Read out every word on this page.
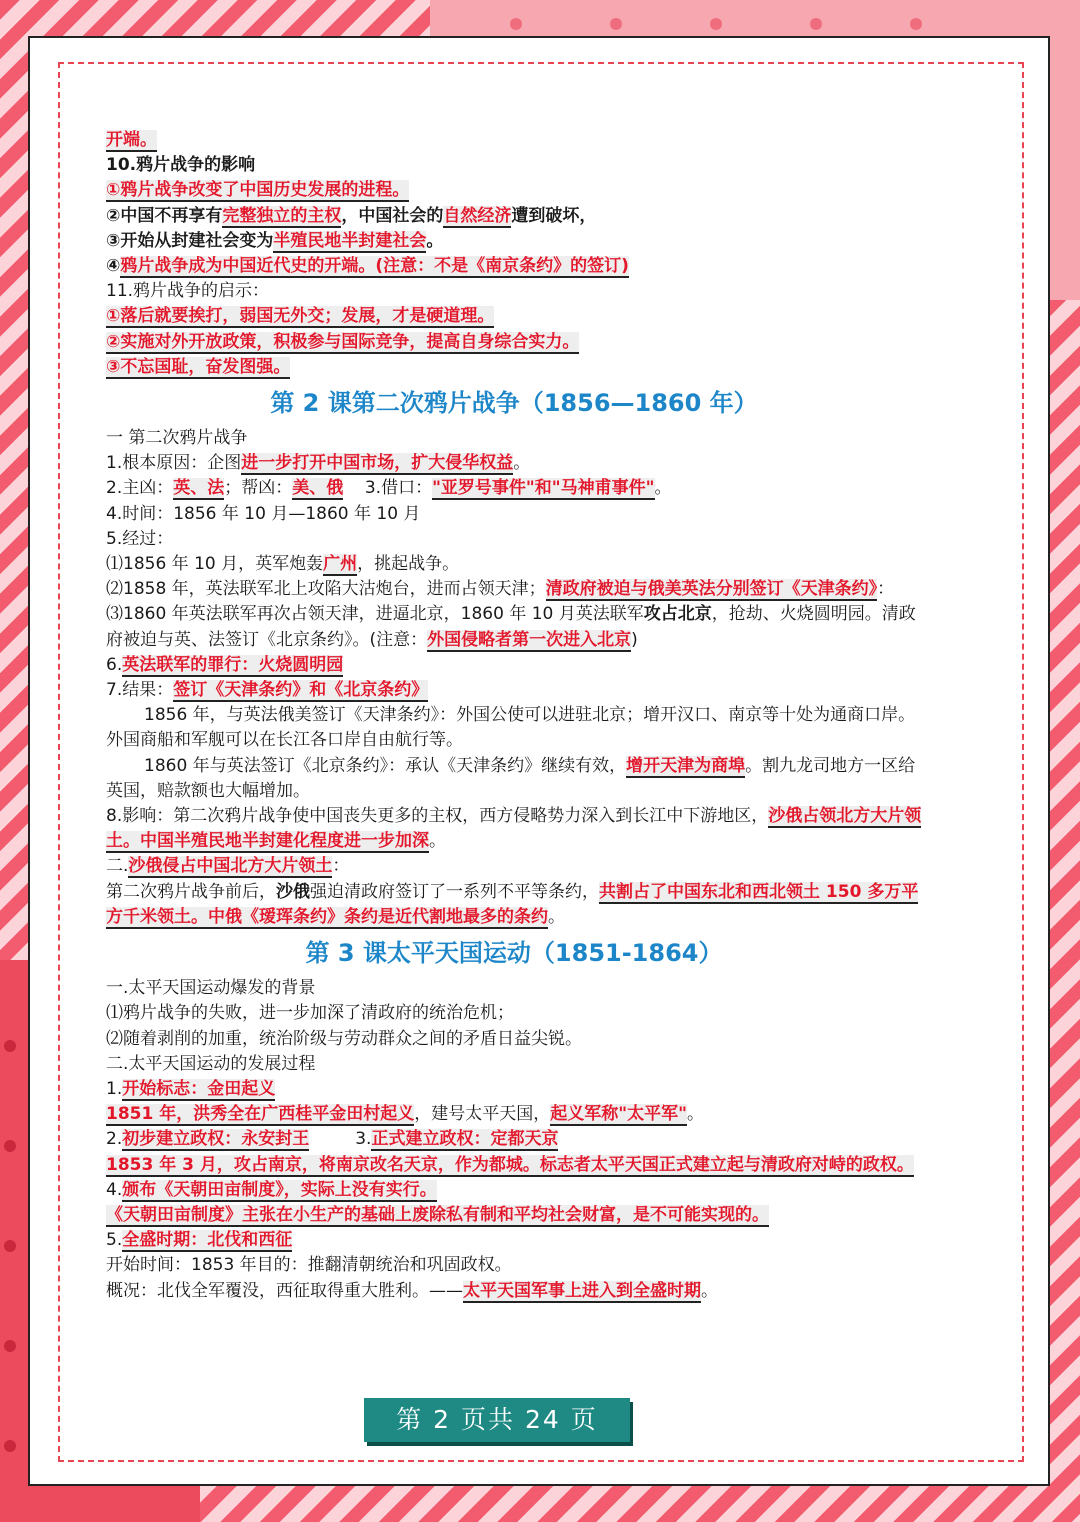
开端。

10.鸦片战争的影响

①鸦片战争改变了中国历史发展的进程。

②中国不再享有完整独立的主权，中国社会的自然经济遭到破坏，

③开始从封建社会变为半殖民地半封建社会。

④鸦片战争成为中国近代史的开端。(注意：不是《南京条约》的签订)

11.鸦片战争的启示：

①落后就要挨打，弱国无外交；发展，才是硬道理。

②实施对外开放政策，积极参与国际竞争，提高自身综合实力。

③不忘国耻，奋发图强。

第 2 课第二次鸦片战争（1856—1860 年）

一 第二次鸦片战争

1.根本原因：企图进一步打开中国市场，扩大侵华权益。

2.主凶：英、法；帮凶：美、俄    3.借口："亚罗号事件"和"马神甫事件"。

4.时间：1856 年 10 月—1860 年 10 月

5.经过：

⑴1856 年 10 月，英军炮轰广州，挑起战争。

⑵1858 年，英法联军北上攻陷大沽炮台，进而占领天津；清政府被迫与俄美英法分别签订《天津条约》：

⑶1860 年英法联军再次占领天津，进逼北京，1860 年 10 月英法联军攻占北京，抢劫、火烧圆明园。清政府被迫与英、法签订《北京条约》。(注意：外国侵略者第一次进入北京)

6.英法联军的罪行：火烧圆明园

7.结果：签订《天津条约》和《北京条约》

1856 年，与英法俄美签订《天津条约》：外国公使可以进驻北京；增开汉口、南京等十处为通商口岸。外国商船和军舰可以在长江各口岸自由航行等。

1860 年与英法签订《北京条约》：承认《天津条约》继续有效，增开天津为商埠。割九龙司地方一区给英国，赔款额也大幅增加。

8.影响：第二次鸦片战争使中国丧失更多的主权，西方侵略势力深入到长江中下游地区，沙俄占领北方大片领土。中国半殖民地半封建化程度进一步加深。

二.沙俄侵占中国北方大片领土：

第二次鸦片战争前后，沙俄强迫清政府签订了一系列不平等条约，共割占了中国东北和西北领土 150 多万平方千米领土。中俄《瑷珲条约》条约是近代割地最多的条约。

第 3 课太平天国运动（1851-1864）

一.太平天国运动爆发的背景

⑴鸦片战争的失败，进一步加深了清政府的统治危机；

⑵随着剥削的加重，统治阶级与劳动群众之间的矛盾日益尖锐。

二.太平天国运动的发展过程

1.开始标志：金田起义

1851 年，洪秀全在广西桂平金田村起义，建号太平天国，起义军称"太平军"。

2.初步建立政权：永安封王	3.正式建立政权：定都天京

1853 年 3 月，攻占南京，将南京改名天京，作为都城。标志者太平天国正式建立起与清政府对峙的政权。

4.颁布《天朝田亩制度》，实际上没有实行。

《天朝田亩制度》主张在小生产的基础上废除私有制和平均社会财富，是不可能实现的。

5.全盛时期：北伐和西征

开始时间：1853 年目的：推翻清朝统治和巩固政权。

概况：北伐全军覆没，西征取得重大胜利。——太平天国军事上进入到全盛时期。

第 2 页共 24 页
